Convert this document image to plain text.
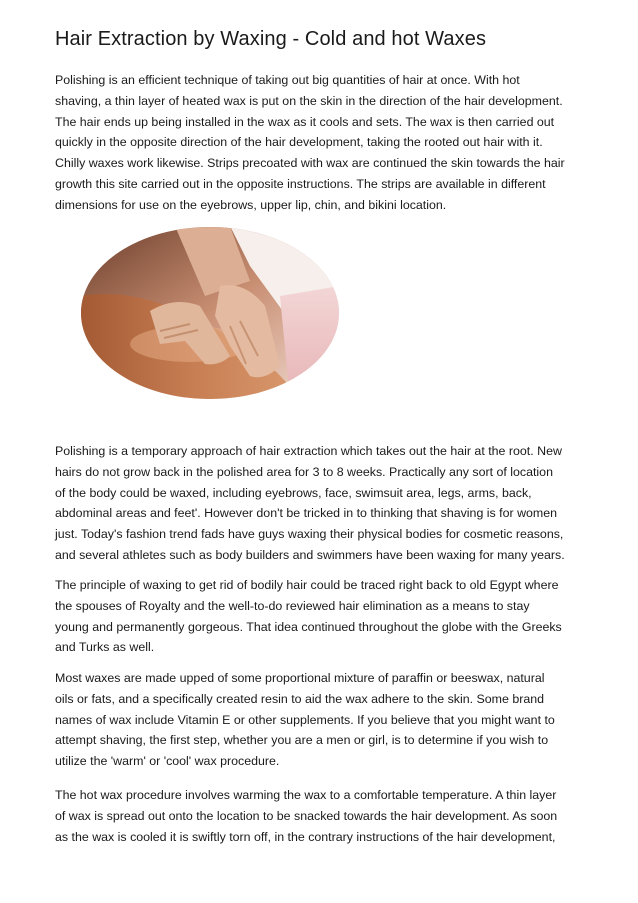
Hair Extraction by Waxing - Cold and hot Waxes

Polishing is an efficient technique of taking out big quantities of hair at once. With hot
shaving, a thin layer of heated wax is put on the skin in the direction of the hair development.
The hair ends up being installed in the wax as it cools and sets. The wax is then carried out
quickly in the opposite direction of the hair development, taking the rooted out hair with it.
Chilly waxes work likewise. Strips precoated with wax are continued the skin towards the hair
growth this site carried out in the opposite instructions. The strips are available in different
dimensions for use on the eyebrows, upper lip, chin, and bikini location.

Polishing is a temporary approach of hair extraction which takes out the hair at the root. New
hairs do not grow back in the polished area for 3 to 8 weeks. Practically any sort of location
of the body could be waxed, including eyebrows, face, swimsuit area, legs, arms, back,
abdominal areas and feet'. However don't be tricked in to thinking that shaving is for women
just. Today's fashion trend fads have guys waxing their physical bodies for cosmetic reasons,
and several athletes such as body builders and swimmers have been waxing for many years.

The principle of waxing to get rid of bodily hair could be traced right back to old Egypt where
the spouses of Royalty and the well-to-do reviewed hair elimination as a means to stay
young and permanently gorgeous. That idea continued throughout the globe with the Greeks
and Turks as well.

Most waxes are made upped of some proportional mixture of paraffin or beeswax, natural
oils or fats, and a specifically created resin to aid the wax adhere to the skin. Some brand
names of wax include Vitamin E or other supplements. If you believe that you might want to
attempt shaving, the first step, whether you are a men or girl, is to determine if you wish to
utilize the 'warm' or 'cool' wax procedure.

The hot wax procedure involves warming the wax to a comfortable temperature. A thin layer
of wax is spread out onto the location to be snacked towards the hair development. As soon
as the wax is cooled it is swiftly torn off, in the contrary instructions of the hair development,
